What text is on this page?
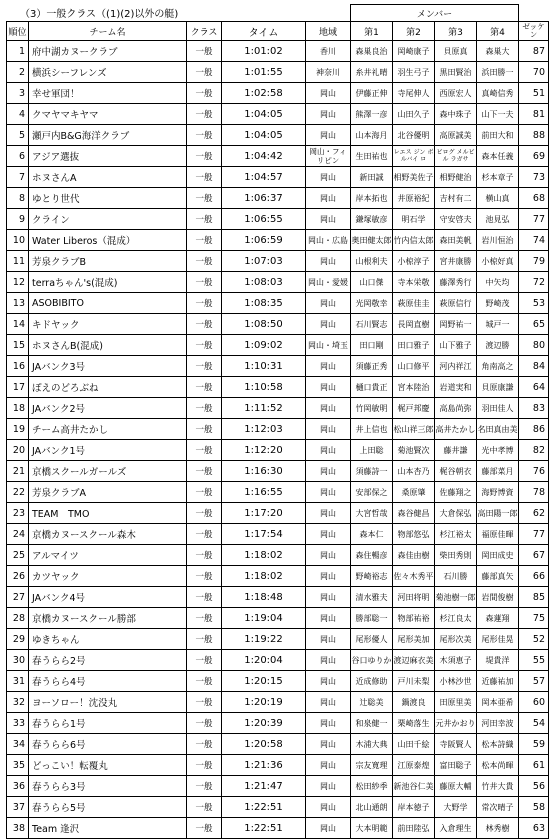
（3）一般クラス（(1)(2)以外の艇)
					メンバー				
順位	チーム名	クラス	タイム	地域	第1	第2	第3	第4	ゼッケン
1	府中湖カヌークラブ	一般	1:01:02	香川	森巣良治	岡崎康子	貝原真	森巣大	87
2	横浜シーフレンズ	一般	1:01:55	神奈川	糸井礼晴	羽生弓子	黒田賢治	浜田勝一	70
3	幸せ軍団！	一般	1:02:58	岡山	伊藤正伸	寺尾伸人	西原宏人	真崎信秀	51
4	クマヤマキヤマ	一般	1:04:05	岡山	熊澤一彦	山田久子	森中珠子	山下一夫	81
5	瀬戸内B&G海洋クラブ	一般	1:04:05	岡山	山本海月	北谷優明	高原誠美	前田大和	88
6	アジア選抜	一般	1:04:42	岡山・フィリピン	生田祐也	レエス ジン ボルバイ ロ	ビログ メルビル ラガサ	森本任義	69
7	ホヌさんA	一般	1:04:57	岡山	新田誠	相野美佐子	相野健治	杉本章子	73
8	ゆとり世代	一般	1:06:37	岡山	岸本拓也	井原裕紀	吉村有二	横山真	68
9	クライン	一般	1:06:55	岡山	鎌塚敏彦	明石学	守安啓夫	池見弘	77
10	Water Liberos（混成）	一般	1:06:59	岡山・広島	奥田健太郎	竹内信太郎	森田美帆	岩川恒治	74
11	芳泉クラブB	一般	1:07:03	岡山	山根利夫	小椋淳子	宮井康勝	小椋好真	79
12	terraちゃん's(混成)	一般	1:08:03	岡山・愛媛	山口傑	寺本栄敬	藤澤秀行	中矢均	72
13	ASOBIBITO	一般	1:08:35	岡山	光岡敬幸	萩原佳圭	萩原信行	野崎茂	53
14	キドヤック	一般	1:08:50	岡山	石川賢志	長岡直樹	岡野祐一	城戸一	65
15	ホヌさんB(混成)	一般	1:09:02	岡山・埼玉	田口剛	田口雅子	山下雅子	渡辺勝	80
16	JAバンク3号	一般	1:10:31	岡山	須藤正秀	山口修平	河内祥江	角南高之	84
17	ぽえのどろぶね	一般	1:10:58	岡山	樋口貴正	宮本陸治	岩道実和	貝原康謙	64
18	JAバンク2号	一般	1:11:52	岡山	竹岡敏明	梶戸邦慶	高島尚弥	羽田佳人	83
19	チーム高井たかし	一般	1:12:03	岡山	井上信也	松山祥三郎	高井たかし	名田真由美	86
20	JAバンク1号	一般	1:12:20	岡山	上田聡	菊池賢次	藤井謙	光中孝博	82
21	京橋スクールガールズ	一般	1:16:30	岡山	須藤詩一	山本杏乃	梶谷朝衣	藤部菜月	76
22	芳泉クラブA	一般	1:16:55	岡山	安部保之	桑原肇	佐藤翔之	海野博資	78
23	TEAM　TMO	一般	1:17:20	岡山	大宮哲哉	森谷健昌	大倉保弘	高田陽一郎	62
24	京橋カヌースクール森木	一般	1:17:54	岡山	森本仁	物部悠弘	杉江裕太	福原佳暉	77
25	アルマイツ	一般	1:18:02	岡山	森住暢彦	森佳由樹	柴田秀則	岡田成史	67
26	カツヤック	一般	1:18:02	岡山	野崎裕志	佐々木秀平	石川勝	藤部真矢	66
27	JAバンク4号	一般	1:18:48	岡山	清水雅夫	河田将明	菊池樹一郎	岩間俊樹	85
28	京橋カヌースクール勝部	一般	1:19:04	岡山	勝部聡一	物部祐裕	杉江良太	森蓮翔	75
29	ゆきちゃん	一般	1:19:22	岡山	尾形優人	尾形美加	尾形次美	尾形佳晃	52
30	春うらら2号	一般	1:20:04	岡山	谷口ゆりか	渡辺麻衣美	木須恵子	堤貴洋	55
31	春うらら4号	一般	1:20:15	岡山	近成修助	戸川未梨	小林沙世	近藤祐加	57
32	ヨーソロー！沈没丸	一般	1:20:19	岡山	辻聡美	鍋渡良	田原里美	岡本亜希	60
33	春うらら1号	一般	1:20:39	岡山	和泉健一	栗崎落生	元井かおり	河田幸波	54
34	春うらら6号	一般	1:20:58	岡山	木浦大典	山田千絵	寺阪賢人	松本詩織	59
35	どっこい！転覆丸	一般	1:21:36	岡山	宗友寛理	江原泰煌	富田聡子	松本尚暉	61
36	春うらら3号	一般	1:21:47	岡山	松田紗季	新池谷仁美	藤原大輔	竹井大貴	56
37	春うらら5号	一般	1:22:51	岡山	北山通朗	岸本徳子	大野学	常次晴子	58
38	Team 逢沢	一般	1:22:51	岡山	大本明範	前田陸弘	入倉理生	林秀樹	63
